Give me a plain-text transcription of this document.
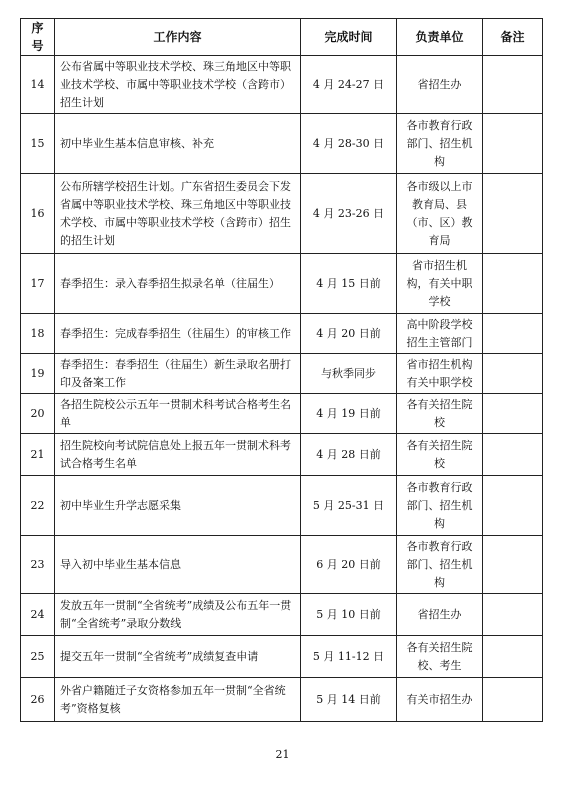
序号	工作内容	完成时间	负责单位	备注
14	公布省属中等职业技术学校、珠三角地区中等职业技术学校、市属中等职业技术学校（含跨市）招生计划	4 月 24-27 日	省招生办	
15	初中毕业生基本信息审核、补充	4 月 28-30 日	各市教育行政部门、招生机构	
16	公布所辖学校招生计划。广东省招生委员会下发省属中等职业技术学校、珠三角地区中等职业技术学校、市属中等职业技术学校（含跨市）招生的招生计划	4 月 23-26 日	各市级以上市教育局、县（市、区）教育局	
17	春季招生：录入春季招生拟录名单（往届生）	4 月 15 日前	省市招生机构，有关中职学校	
18	春季招生：完成春季招生（往届生）的审核工作	4 月 20 日前	高中阶段学校招生主管部门	
19	春季招生：春季招生（往届生）新生录取名册打印及备案工作	与秋季同步	省市招生机构有关中职学校	
20	各招生院校公示五年一贯制术科考试合格考生名单	4 月 19 日前	各有关招生院校	
21	招生院校向考试院信息处上报五年一贯制术科考试合格考生名单	4 月 28 日前	各有关招生院校	
22	初中毕业生升学志愿采集	5 月 25-31 日	各市教育行政部门、招生机构	
23	导入初中毕业生基本信息	6 月 20 日前	各市教育行政部门、招生机构	
24	发放五年一贯制“全省统考”成绩及公布五年一贯制“全省统考”录取分数线	5 月 10 日前	省招生办	
25	提交五年一贯制“全省统考”成绩复查申请	5 月 11-12 日	各有关招生院校、考生	
26	外省户籍随迁子女资格参加五年一贯制“全省统考”资格复核	5 月 14 日前	有关市招生办	
21
